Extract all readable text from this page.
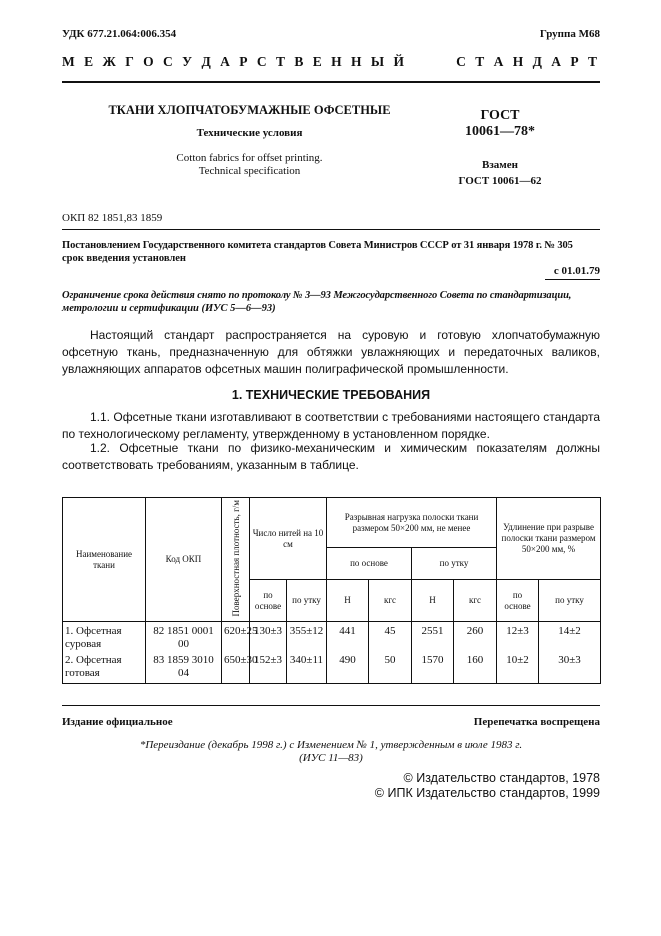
УДК 677.21.064:006.354	Группа М68
М Е Ж Г О С У Д А Р С Т В Е Н Н Ы Й	С Т А Н Д А Р Т
ТКАНИ ХЛОПЧАТОБУМАЖНЫЕ ОФСЕТНЫЕ
Технические условия
Cotton fabrics for offset printing.
Technical specification
ГОСТ
10061—78*
Взамен
ГОСТ 10061—62
ОКП 82 1851,83 1859
Постановлением Государственного комитета стандартов Совета Министров СССР от 31 января 1978 г. № 305
срок введения установлен
с 01.01.79
Ограничение срока действия снято по протоколу № 3—93 Межгосударственного Совета по стандартизации,
метрологии и сертификации (ИУС 5—6—93)
Настоящий стандарт распространяется на суровую и готовую хлопчатобумажную офсетную ткань, предназначенную для обтяжки увлажняющих и передаточных валиков, увлажняющих аппаратов офсетных машин полиграфической промышленности.
1. ТЕХНИЧЕСКИЕ ТРЕБОВАНИЯ
1.1. Офсетные ткани изготавливают в соответствии с требованиями настоящего стандарта по технологическому регламенту, утвержденному в установленном порядке.
1.2. Офсетные ткани по физико-механическим и химическим показателям должны соответствовать требованиям, указанным в таблице.
Наименование ткани	Код ОКП	Поверхностная плотность, г/м	Число нитей на 10 см		Разрывная нагрузка полоски ткани размером 50×200 мм, не менее				Удлинение при разрыве полоски ткани размером 50×200 мм, %	
					по основе		по утку			
			по основе	по утку	Н	кгс	Н	кгс	по основе	по утку
1. Офсетная суровая	82 1851 0001 00	620±25	130±3	355±12	441	45	2551	260	12±3	14±2
2. Офсетная готовая	83 1859 3010 04	650±30	152±3	340±11	490	50	1570	160	10±2	30±3
Издание официальное	Перепечатка воспрещена
*Переиздание (декабрь 1998 г.) с Изменением № 1, утвержденным в июле 1983 г.
(ИУС 11—83)
© Издательство стандартов, 1978
© ИПК Издательство стандартов, 1999
